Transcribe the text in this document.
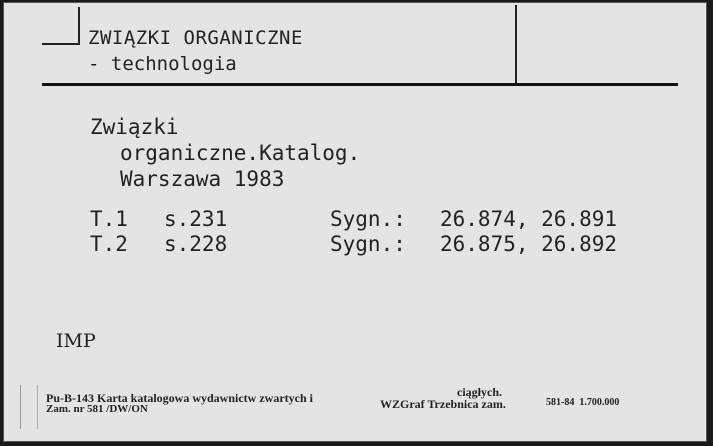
ZWIĄZKI ORGANICZNE
- technologia
Związki
organiczne.Katalog.
Warszawa 1983
T.1 s.231	Sygn.: 26.874, 26.891
T.2 s.228	Sygn.: 26.875, 26.892
IMP
Pu-B-143 Karta katalogowa wydawnictw zwartych i	ciągłych.
Zam. nr 581 /DW/ON	WZGraf Trzebnica zam.	581-84  1.700.000
